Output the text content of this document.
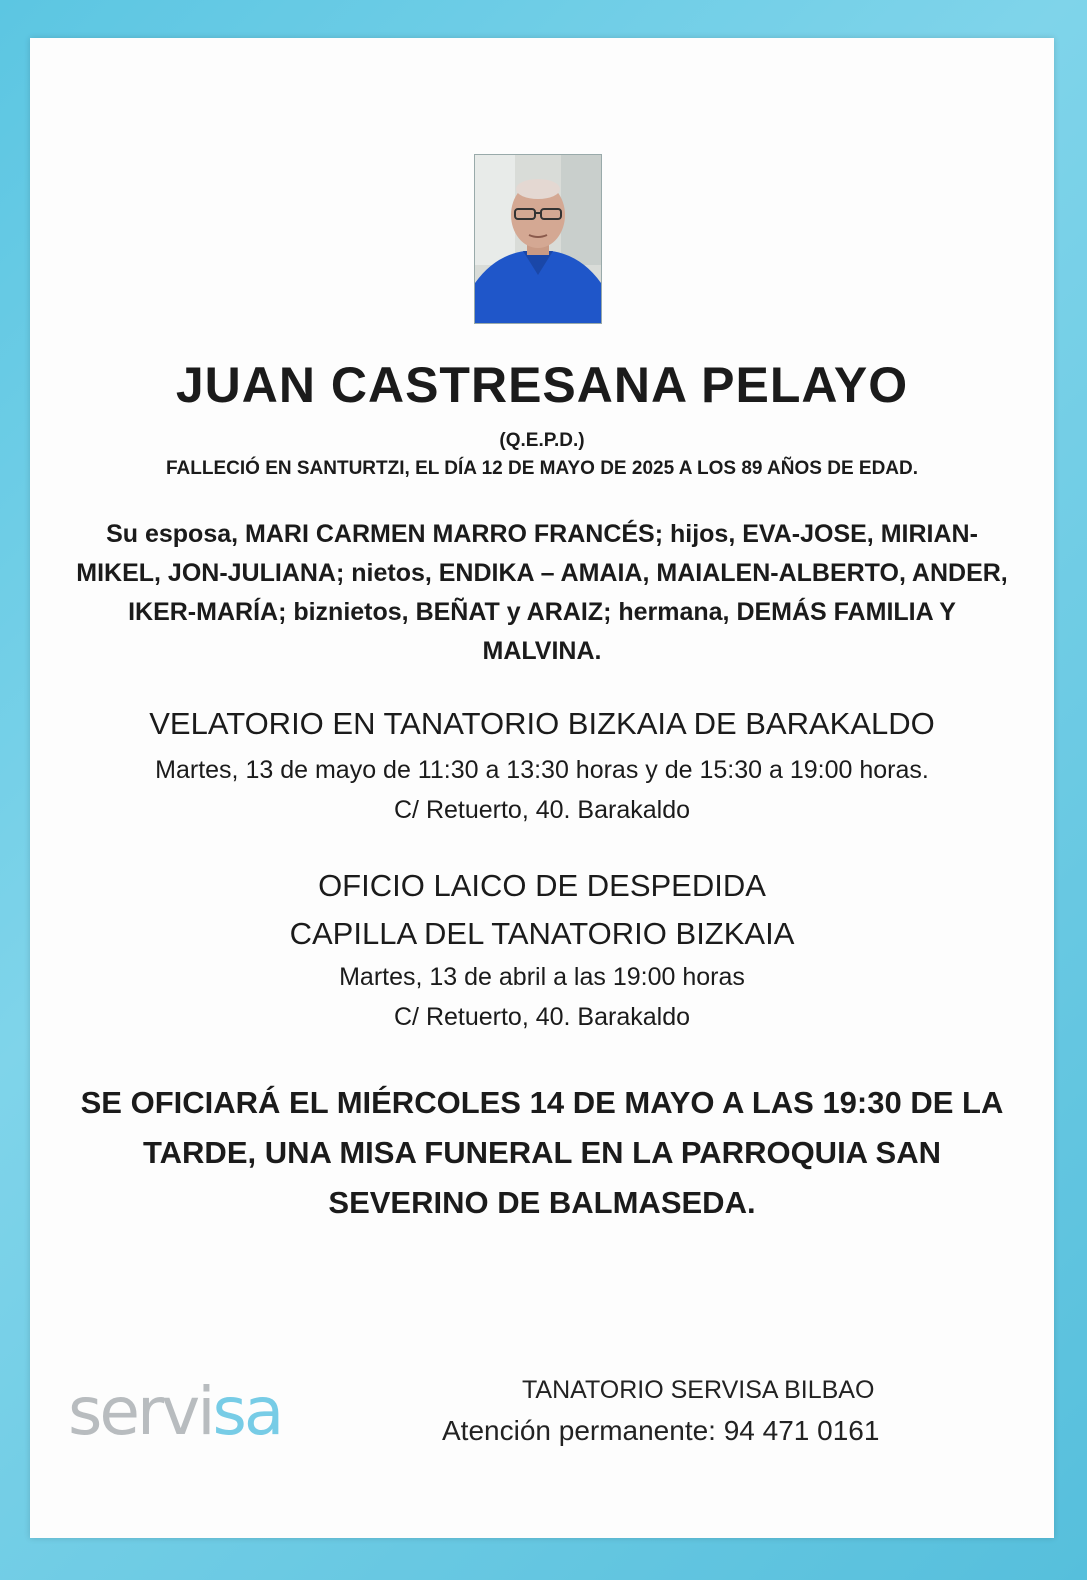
JUAN CASTRESANA PELAYO
(Q.E.P.D.)
FALLECIÓ EN SANTURTZI, EL DÍA 12 DE MAYO DE 2025 A LOS 89 AÑOS DE EDAD.
Su esposa, MARI CARMEN MARRO FRANCÉS; hijos, EVA-JOSE, MIRIAN-MIKEL, JON-JULIANA; nietos, ENDIKA – AMAIA, MAIALEN-ALBERTO, ANDER, IKER-MARÍA; biznietos, BEÑAT y ARAIZ; hermana, DEMÁS FAMILIA Y MALVINA.
VELATORIO EN TANATORIO BIZKAIA DE BARAKALDO
Martes, 13 de mayo de 11:30 a 13:30 horas y de 15:30 a 19:00 horas.
C/ Retuerto, 40. Barakaldo
OFICIO LAICO DE DESPEDIDA
CAPILLA DEL TANATORIO BIZKAIA
Martes, 13 de abril a las 19:00 horas
C/ Retuerto, 40. Barakaldo
SE OFICIARÁ EL MIÉRCOLES 14 DE MAYO A LAS 19:30 DE LA TARDE, UNA MISA FUNERAL EN LA PARROQUIA SAN SEVERINO DE BALMASEDA.
servisa	TANATORIO SERVISA BILBAO
Atención permanente: 94 471 0161
